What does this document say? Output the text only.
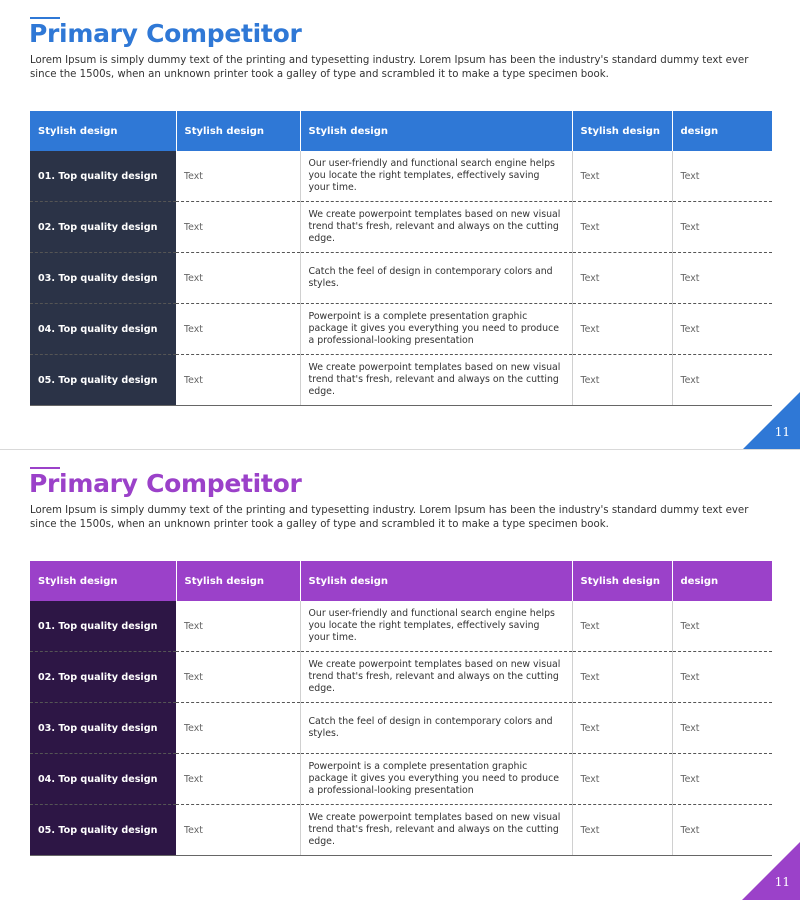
Primary Competitor
Lorem Ipsum is simply dummy text of the printing and typesetting industry. Lorem Ipsum has been the industry's standard dummy text ever since the 1500s, when an unknown printer took a galley of type and scrambled it to make a type specimen book.
Stylish design	Stylish design	Stylish design	Stylish design	design
01. Top quality design	Text	Our user-friendly and functional search engine helps you locate the right templates, effectively saving your time.	Text	Text
02. Top quality design	Text	We create powerpoint templates based on new visual trend that's fresh, relevant and always on the cutting edge.	Text	Text
03. Top quality design	Text	Catch the feel of design in contemporary colors and styles.	Text	Text
04. Top quality design	Text	Powerpoint is a complete presentation graphic package it gives you everything you need to produce a professional-looking presentation	Text	Text
05. Top quality design	Text	We create powerpoint templates based on new visual trend that's fresh, relevant and always on the cutting edge.	Text	Text
11
Primary Competitor
Lorem Ipsum is simply dummy text of the printing and typesetting industry. Lorem Ipsum has been the industry's standard dummy text ever since the 1500s, when an unknown printer took a galley of type and scrambled it to make a type specimen book.
Stylish design	Stylish design	Stylish design	Stylish design	design
01. Top quality design	Text	Our user-friendly and functional search engine helps you locate the right templates, effectively saving your time.	Text	Text
02. Top quality design	Text	We create powerpoint templates based on new visual trend that's fresh, relevant and always on the cutting edge.	Text	Text
03. Top quality design	Text	Catch the feel of design in contemporary colors and styles.	Text	Text
04. Top quality design	Text	Powerpoint is a complete presentation graphic package it gives you everything you need to produce a professional-looking presentation	Text	Text
05. Top quality design	Text	We create powerpoint templates based on new visual trend that's fresh, relevant and always on the cutting edge.	Text	Text
11
